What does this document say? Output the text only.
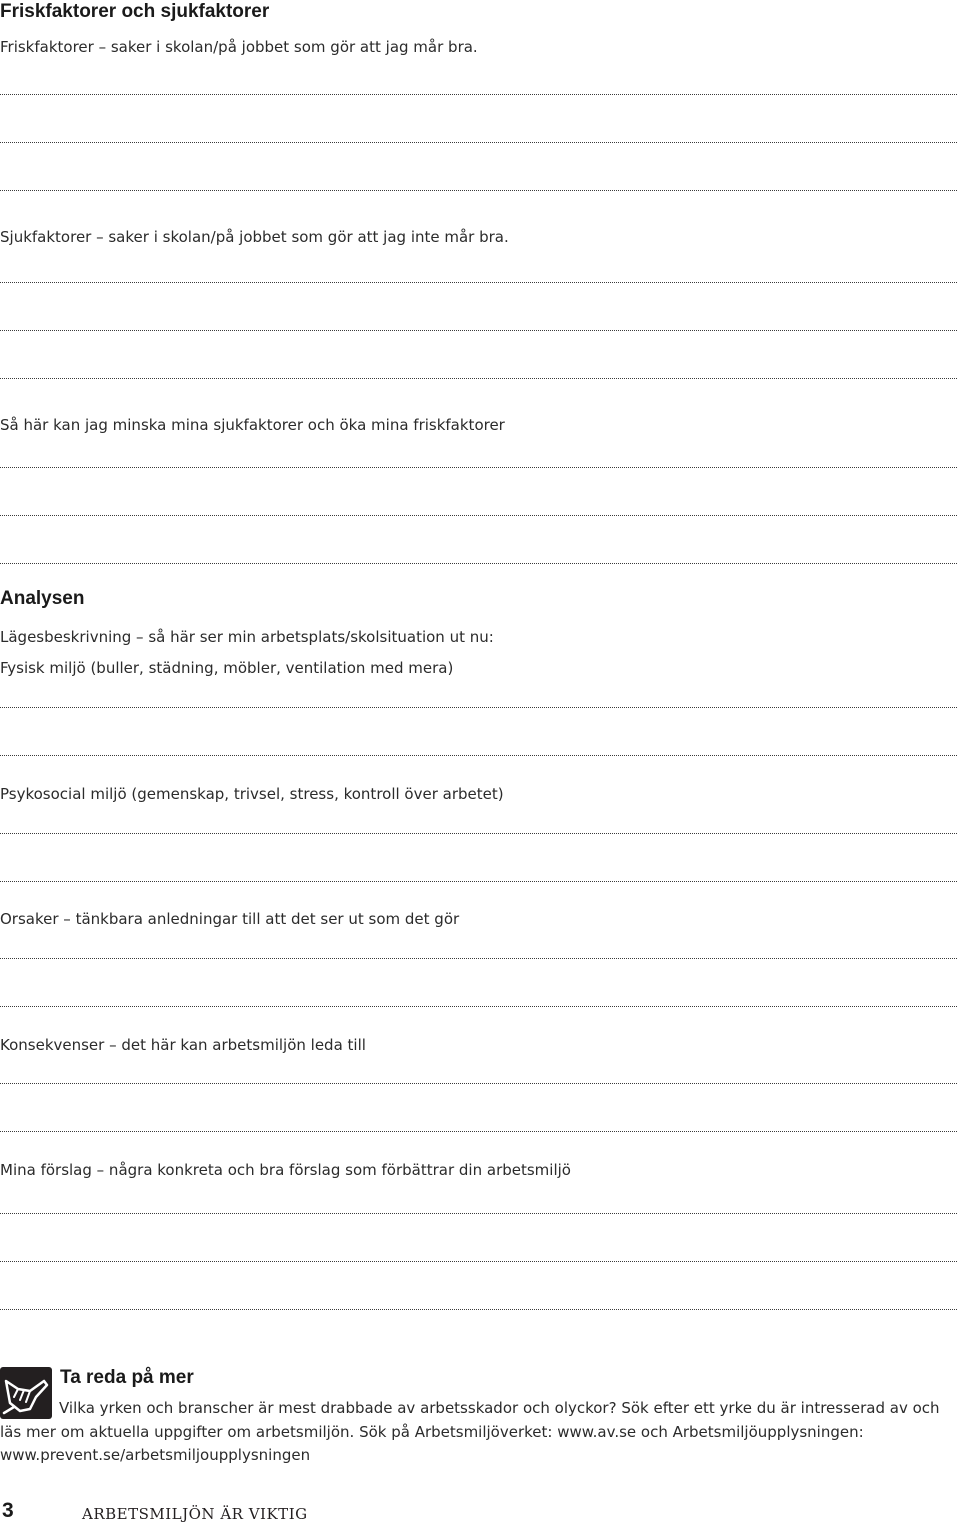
Friskfaktorer och sjukfaktorer
Friskfaktorer – saker i skolan/på jobbet som gör att jag mår bra.
Sjukfaktorer – saker i skolan/på jobbet som gör att jag inte mår bra.
Så här kan jag minska mina sjukfaktorer och öka mina friskfaktorer
Analysen
Lägesbeskrivning – så här ser min arbetsplats/skolsituation ut nu:
Fysisk miljö (buller, städning, möbler, ventilation med mera)
Psykosocial miljö (gemenskap, trivsel, stress, kontroll över arbetet)
Orsaker – tänkbara anledningar till att det ser ut som det gör
Konsekvenser – det här kan arbetsmiljön leda till
Mina förslag – några konkreta och bra förslag som förbättrar din arbetsmiljö
Ta reda på mer
Vilka yrken och branscher är mest drabbade av arbetsskador och olyckor? Sök efter ett yrke du är intresserad av och läs mer om aktuella uppgifter om arbetsmiljön. Sök på Arbetsmiljöverket: www.av.se och Arbetsmiljöupplysningen: www.prevent.se/arbetsmiljoupplysningen
3	ARBETSMILJÖN ÄR VIKTIG
